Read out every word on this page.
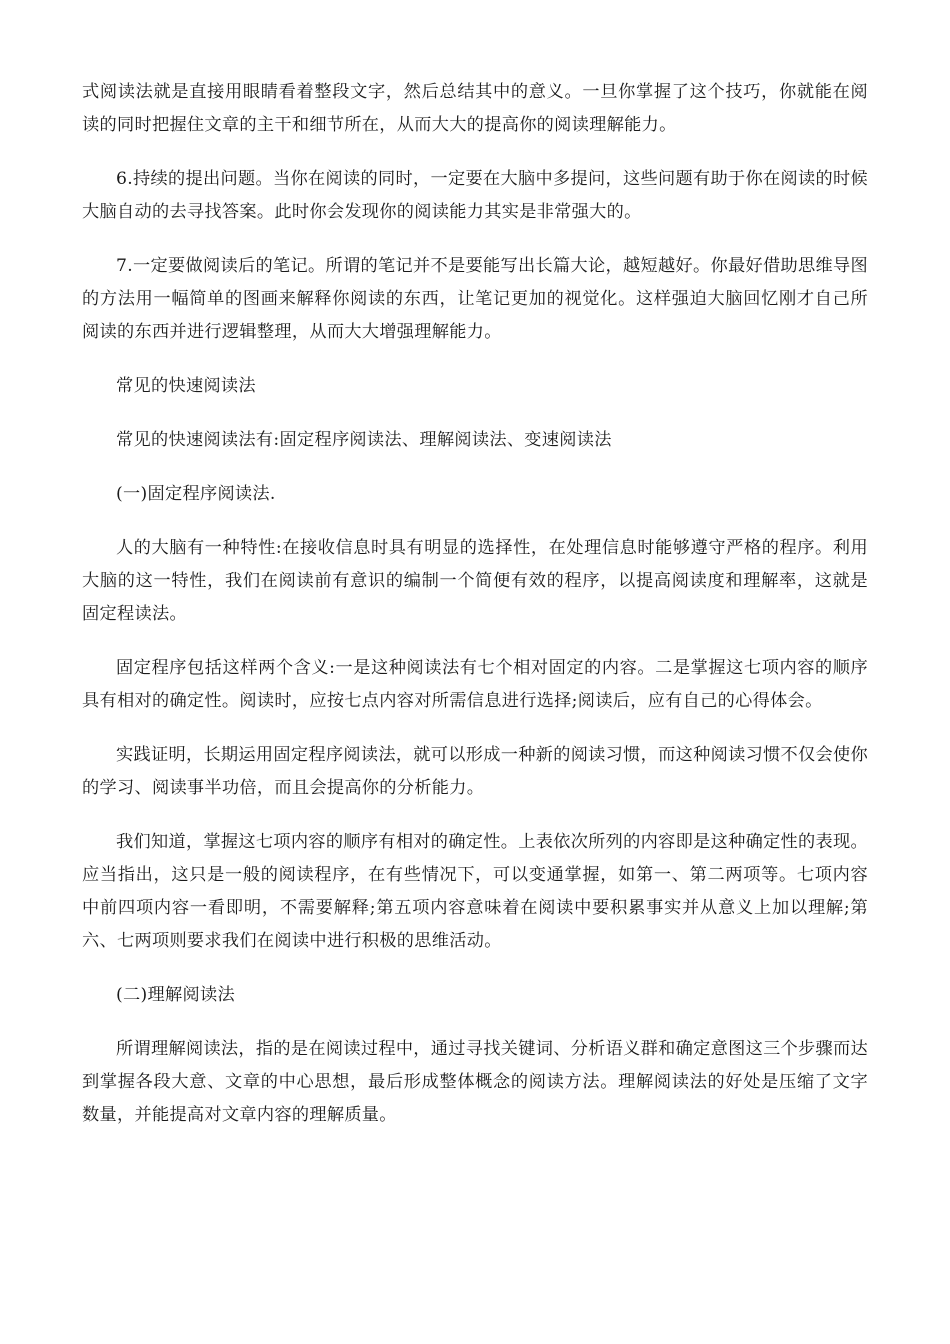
式阅读法就是直接用眼睛看着整段文字，然后总结其中的意义。一旦你掌握了这个技巧，你就能在阅读的同时把握住文章的主干和细节所在，从而大大的提高你的阅读理解能力。

6.持续的提出问题。当你在阅读的同时，一定要在大脑中多提问，这些问题有助于你在阅读的时候大脑自动的去寻找答案。此时你会发现你的阅读能力其实是非常强大的。

7.一定要做阅读后的笔记。所谓的笔记并不是要能写出长篇大论，越短越好。你最好借助思维导图的方法用一幅简单的图画来解释你阅读的东西，让笔记更加的视觉化。这样强迫大脑回忆刚才自己所阅读的东西并进行逻辑整理，从而大大增强理解能力。

常见的快速阅读法

常见的快速阅读法有:固定程序阅读法、理解阅读法、变速阅读法

(一)固定程序阅读法.

人的大脑有一种特性:在接收信息时具有明显的选择性，在处理信息时能够遵守严格的程序。利用大脑的这一特性，我们在阅读前有意识的编制一个简便有效的程序，以提高阅读度和理解率，这就是固定程读法。

固定程序包括这样两个含义:一是这种阅读法有七个相对固定的内容。二是掌握这七项内容的顺序具有相对的确定性。阅读时，应按七点内容对所需信息进行选择;阅读后，应有自己的心得体会。

实践证明，长期运用固定程序阅读法，就可以形成一种新的阅读习惯，而这种阅读习惯不仅会使你的学习、阅读事半功倍，而且会提高你的分析能力。

我们知道，掌握这七项内容的顺序有相对的确定性。上表依次所列的内容即是这种确定性的表现。应当指出，这只是一般的阅读程序，在有些情况下，可以变通掌握，如第一、第二两项等。七项内容中前四项内容一看即明，不需要解释;第五项内容意味着在阅读中要积累事实并从意义上加以理解;第六、七两项则要求我们在阅读中进行积极的思维活动。

(二)理解阅读法

所谓理解阅读法，指的是在阅读过程中，通过寻找关键词、分析语义群和确定意图这三个步骤而达到掌握各段大意、文章的中心思想，最后形成整体概念的阅读方法。理解阅读法的好处是压缩了文字数量，并能提高对文章内容的理解质量。
